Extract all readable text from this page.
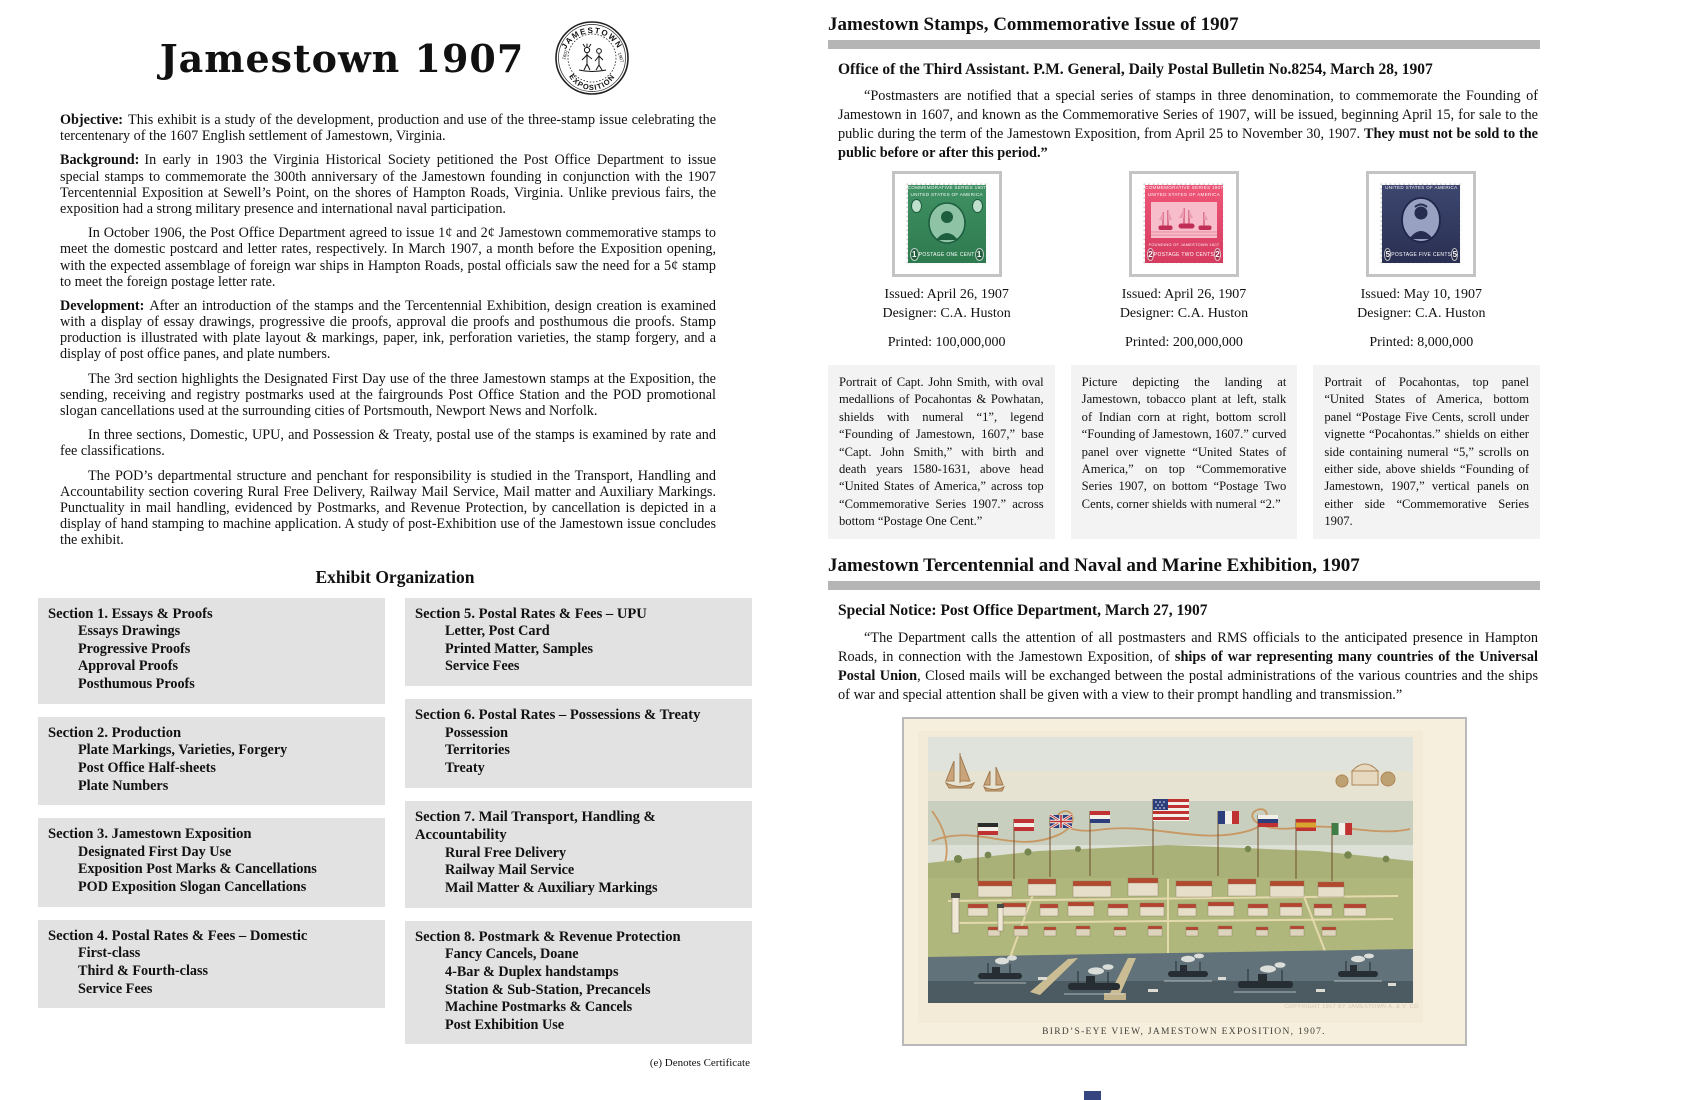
Jamestown 1907	JAMESTOWN
EXPOSITION
1607	1907

Objective: This exhibit is a study of the development, production and use of the three-stamp issue celebrating the tercentenary of the 1607 English settlement of Jamestown, Virginia.

Background: In early in 1903 the Virginia Historical Society petitioned the Post Office Department to issue special stamps to commemorate the 300th anniversary of the Jamestown founding in conjunction with the 1907 Tercentennial Exposition at Sewell’s Point, on the shores of Hampton Roads, Virginia. Unlike previous fairs, the exposition had a strong military presence and international naval participation.

In October 1906, the Post Office Department agreed to issue 1¢ and 2¢ Jamestown commemorative stamps to meet the domestic postcard and letter rates, respectively. In March 1907, a month before the Exposition opening, with the expected assemblage of foreign war ships in Hampton Roads, postal officials saw the need for a 5¢ stamp to meet the foreign postage letter rate.

Development: After an introduction of the stamps and the Tercentennial Exhibition, design creation is examined with a display of essay drawings, progressive die proofs, approval die proofs and posthumous die proofs. Stamp production is illustrated with plate layout & markings, paper, ink, perforation varieties, the stamp forgery, and a display of post office panes, and plate numbers.

The 3rd section highlights the Designated First Day use of the three Jamestown stamps at the Exposition, the sending, receiving and registry postmarks used at the fairgrounds Post Office Station and the POD promotional slogan cancellations used at the surrounding cities of Portsmouth, Newport News and Norfolk.

In three sections, Domestic, UPU, and Possession & Treaty, postal use of the stamps is examined by rate and fee classifications.

The POD’s departmental structure and penchant for responsibility is studied in the Transport, Handling and Accountability section covering Rural Free Delivery, Railway Mail Service, Mail matter and Auxiliary Markings. Punctuality in mail handling, evidenced by Postmarks, and Revenue Protection, by cancellation is depicted in a display of hand stamping to machine application. A study of post-Exhibition use of the Jamestown issue concludes the exhibit.

Exhibit Organization
Section 1. Essays & Proofs
Essays Drawings
Progressive Proofs
Approval Proofs
Posthumous Proofs
Section 2. Production
Plate Markings, Varieties, Forgery
Post Office Half-sheets
Plate Numbers
Section 3. Jamestown Exposition
Designated First Day Use
Exposition Post Marks & Cancellations
POD Exposition Slogan Cancellations
Section 4. Postal Rates & Fees – Domestic
First-class
Third & Fourth-class
Service Fees
Section 5. Postal Rates & Fees – UPU
Letter, Post Card
Printed Matter, Samples
Service Fees
Section 6. Postal Rates – Possessions & Treaty
Possession
Territories
Treaty
Section 7. Mail Transport, Handling & Accountability
Rural Free Delivery
Railway Mail Service
Mail Matter & Auxiliary Markings
Section 8. Postmark & Revenue Protection
Fancy Cancels, Doane
4-Bar & Duplex handstamps
Station & Sub-Station, Precancels
Machine Postmarks & Cancels
Post Exhibition Use
(e) Denotes Certificate
Jamestown Stamps, Commemorative Issue of 1907
Office of the Third Assistant. P.M. General, Daily Postal Bulletin No.8254, March 28, 1907

“Postmasters are notified that a special series of stamps in three denomination, to commemorate the Founding of Jamestown in 1607, and known as the Commemorative Series of 1907, will be issued, beginning April 15, for sale to the public during the term of the Jamestown Exposition, from April 25 to November 30, 1907. They must not be sold to the public before or after this period.”

COMMEMORATIVE SERIES 1907
UNITED STATES OF AMERICA
1 POSTAGE ONE CENT 1
Issued: April 26, 1907
Designer: C.A. Huston
Printed: 100,000,000
COMMEMORATIVE SERIES 1907
UNITED STATES OF AMERICA
FOUNDING OF JAMESTOWN 1607
2 POSTAGE TWO CENTS 2
Issued: April 26, 1907
Designer: C.A. Huston
Printed: 200,000,000
UNITED STATES OF AMERICA
5 POSTAGE FIVE CENTS 5
Issued: May 10, 1907
Designer: C.A. Huston
Printed: 8,000,000
Portrait of Capt. John Smith, with oval medallions of Pocahontas & Powhatan, shields with numeral “1”, legend “Founding of Jamestown, 1607,” base “Capt. John Smith,” with birth and death years 1580-1631, above head “United States of America,” across top “Commemorative Series 1907.” across bottom “Postage One Cent.”
Picture depicting the landing at Jamestown, tobacco plant at left, stalk of Indian corn at right, bottom scroll “Founding of Jamestown, 1607.” curved panel over vignette “United States of America,” on top “Commemorative Series 1907, on bottom “Postage Two Cents, corner shields with numeral “2.”
Portrait of Pocahontas, top panel “United States of America, bottom panel “Postage Five Cents, scroll under vignette “Pocahontas.” shields on either side containing numeral “5,” scrolls on either side, above shields “Founding of Jamestown, 1907,” vertical panels on either side “Commemorative Series 1907.
Jamestown Tercentennial and Naval and Marine Exhibition, 1907
Special Notice: Post Office Department, March 27, 1907

“The Department calls the attention of all postmasters and RMS officials to the anticipated presence in Hampton Roads, in connection with the Jamestown Exposition, of ships of war representing many countries of the Universal Postal Union, Closed mails will be exchanged between the postal administrations of the various countries and the ships of war and special attention shall be given with a view to their prompt handling and transmission.”

COPYRIGHT 1907 BY JAMESTOWN A. & V. CO.
BIRD’S-EYE VIEW, JAMESTOWN EXPOSITION, 1907.
